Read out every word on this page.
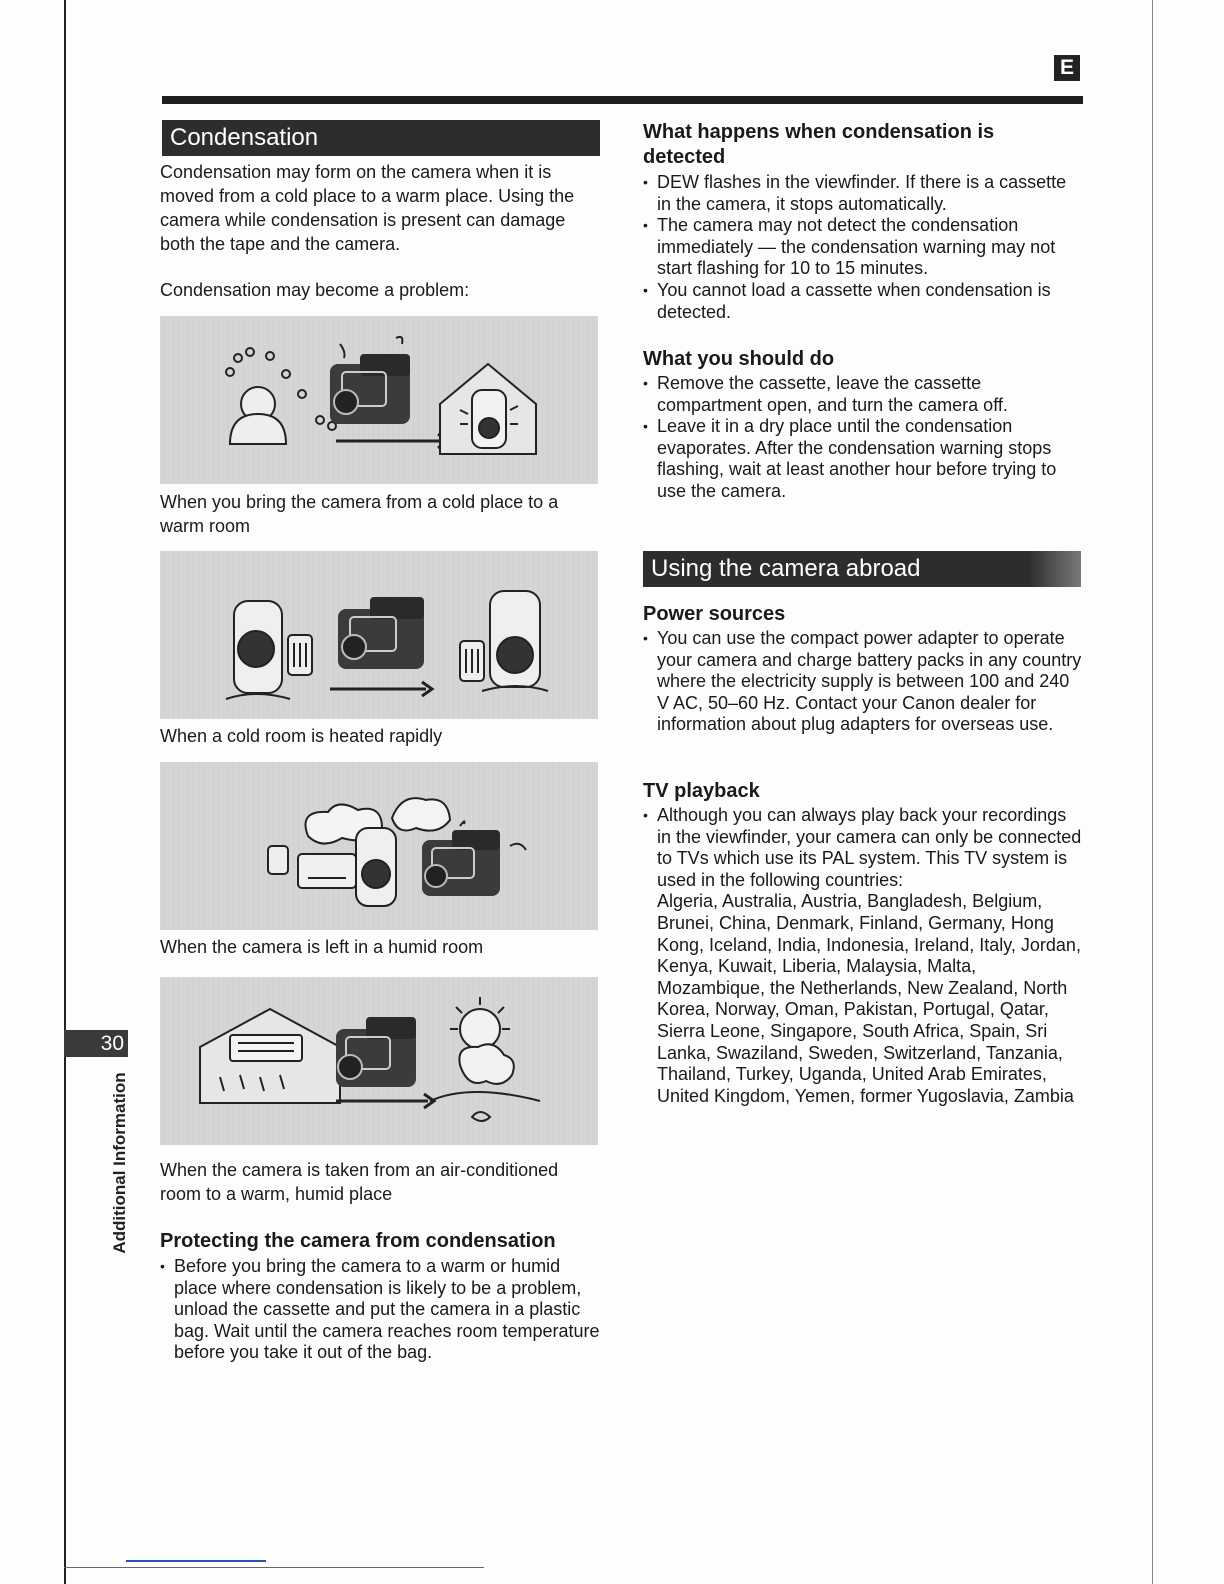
E
Condensation

Condensation may form on the camera when it is moved from a cold place to a warm place. Using the camera while condensation is present can damage both the tape and the camera.

Condensation may become a problem:

When you bring the camera from a cold place to a warm room

When a cold room is heated rapidly

When the camera is left in a humid room

When the camera is taken from an air-conditioned room to a warm, humid place

Protecting the camera from condensation
• Before you bring the camera to a warm or humid place where condensation is likely to be a problem, unload the cassette and put the camera in a plastic bag. Wait until the camera reaches room temperature before you take it out of the bag.
What happens when condensation is detected
• DEW flashes in the viewfinder. If there is a cassette in the camera, it stops automatically.
• The camera may not detect the condensation immediately — the condensation warning may not start flashing for 10 to 15 minutes.
• You cannot load a cassette when condensation is detected.
What you should do
• Remove the cassette, leave the cassette compartment open, and turn the camera off.
• Leave it in a dry place until the condensation evaporates. After the condensation warning stops flashing, wait at least another hour before trying to use the camera.
Using the camera abroad
Power sources
• You can use the compact power adapter to operate your camera and charge battery packs in any country where the electricity supply is between 100 and 240 V AC, 50–60 Hz. Contact your Canon dealer for information about plug adapters for overseas use.
TV playback
• Although you can always play back your recordings in the viewfinder, your camera can only be connected to TVs which use its PAL system. This TV system is used in the following countries:
Algeria, Australia, Austria, Bangladesh, Belgium, Brunei, China, Denmark, Finland, Germany, Hong Kong, Iceland, India, Indonesia, Ireland, Italy, Jordan, Kenya, Kuwait, Liberia, Malaysia, Malta, Mozambique, the Netherlands, New Zealand, North Korea, Norway, Oman, Pakistan, Portugal, Qatar, Sierra Leone, Singapore, South Africa, Spain, Sri Lanka, Swaziland, Sweden, Switzerland, Tanzania, Thailand, Turkey, Uganda, United Arab Emirates, United Kingdom, Yemen, former Yugoslavia, Zambia
30
Additional Information
